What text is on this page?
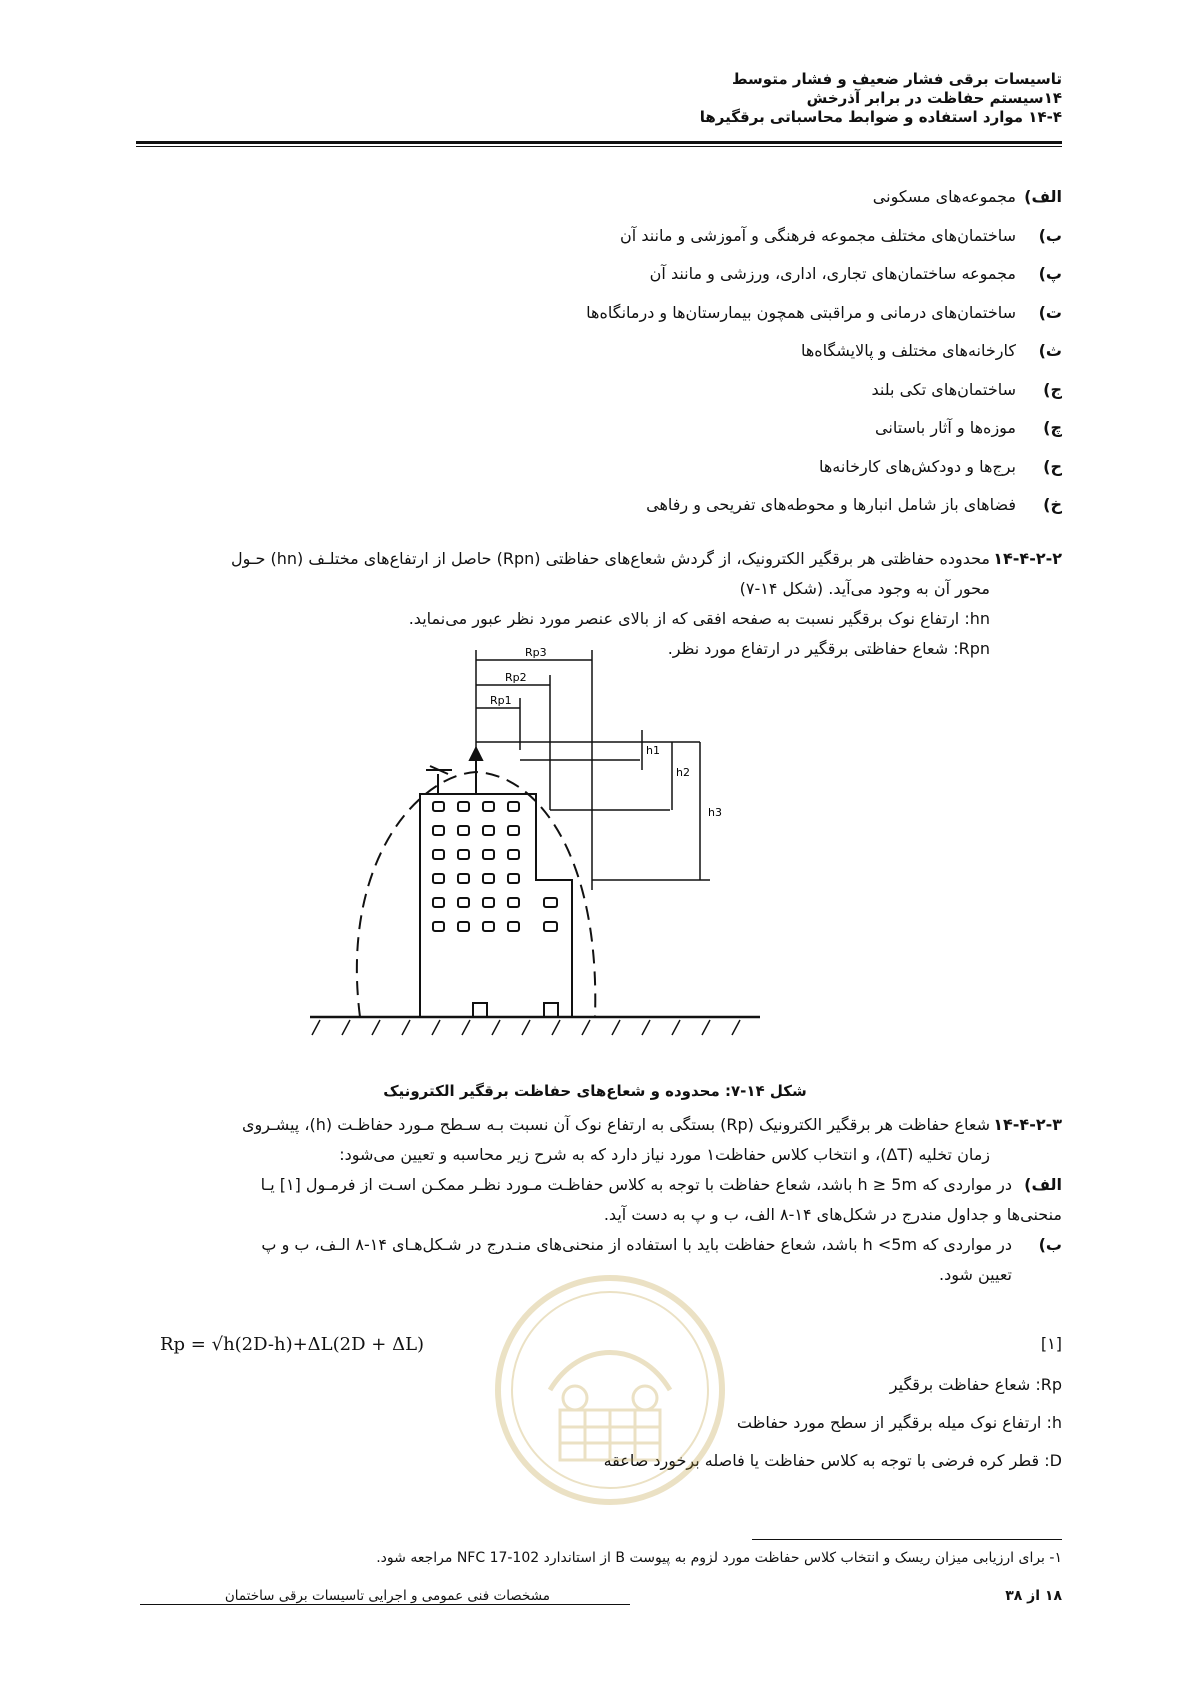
تاسیسات برقی فشار ضعیف و فشار متوسط
۱۴سیستم حفاظت در برابر آذرخش
۱۴-۴ موارد استفاده و ضوابط محاسباتی برقگیرها
الف)
مجموعه‌های مسکونی
ب)
ساختمان‌های مختلف مجموعه فرهنگی و آموزشی و مانند آن
پ)
مجموعه ساختمان‌های تجاری، اداری، ورزشی و مانند آن
ت)
ساختمان‌های درمانی و مراقبتی همچون بیمارستان‌ها و درمانگاه‌ها
ث)
کارخانه‌های مختلف و پالایشگاه‌ها
ج)
ساختمان‌های تکی بلند
چ)
موزه‌ها و آثار باستانی
ح)
برج‌ها و دودکش‌های کارخانه‌ها
خ)
فضاهای باز شامل انبارها و محوطه‌های تفریحی و رفاهی
۱۴-۴-۲-۲
محدوده حفاظتی هر برقگیر الکترونیک، از گردش شعاع‌های حفاظتی (Rpn) حاصل از ارتفاع‌های مختلـف (hn) حـول
محور آن به وجود می‌آید. (شکل ۱۴-۷)
hn: ارتفاع نوک برقگیر نسبت به صفحه افقی که از بالای عنصر مورد نظر عبور می‌نماید.
Rpn: شعاع حفاظتی برقگیر در ارتفاع مورد نظر.
Rp3
Rp2
Rp1
h1
h2
h3
شکل ۱۴-۷: محدوده و شعاع‌های حفاظت برقگیر الکترونیک
۱۴-۴-۲-۳
شعاع حفاظت هر برقگیر الکترونیک (Rp) بستگی به ارتفاع نوک آن نسبت بـه سـطح مـورد حفاظـت (h)، پیشـروی
زمان تخلیه (ΔT)، و انتخاب کلاس حفاظت۱ مورد نیاز دارد که به شرح زیر محاسبه و تعیین می‌شود:
الف)
در مواردی که h ≥ 5m باشد، شعاع حفاظت با توجه به کلاس حفاظـت مـورد نظـر ممکـن اسـت از فرمـول [۱] یـا
منحنی‌ها و جداول مندرج در شکل‌های ۱۴-۸ الف، ب و پ به دست آید.
ب)
در مواردی که h <5m باشد، شعاع حفاظت باید با استفاده از منحنی‌های منـدرج در شـکل‌هـای ۱۴-۸ الـف، ب و پ
تعیین شود.
Rp = √h(2D-h)+ΔL(2D + ΔL)	[۱]
Rp: شعاع حفاظت برقگیر
h: ارتفاع نوک میله برقگیر از سطح مورد حفاظت
D: قطر کره فرضی با توجه به کلاس حفاظت یا فاصله برخورد صاعقه
۱- برای ارزیابی میزان ریسک و انتخاب کلاس حفاظت مورد لزوم به پیوست B از استاندارد NFC 17-102 مراجعه شود.
۱۸ از ۳۸
مشخصات فنی عمومی و اجرایی تاسیسات برقی ساختمان
